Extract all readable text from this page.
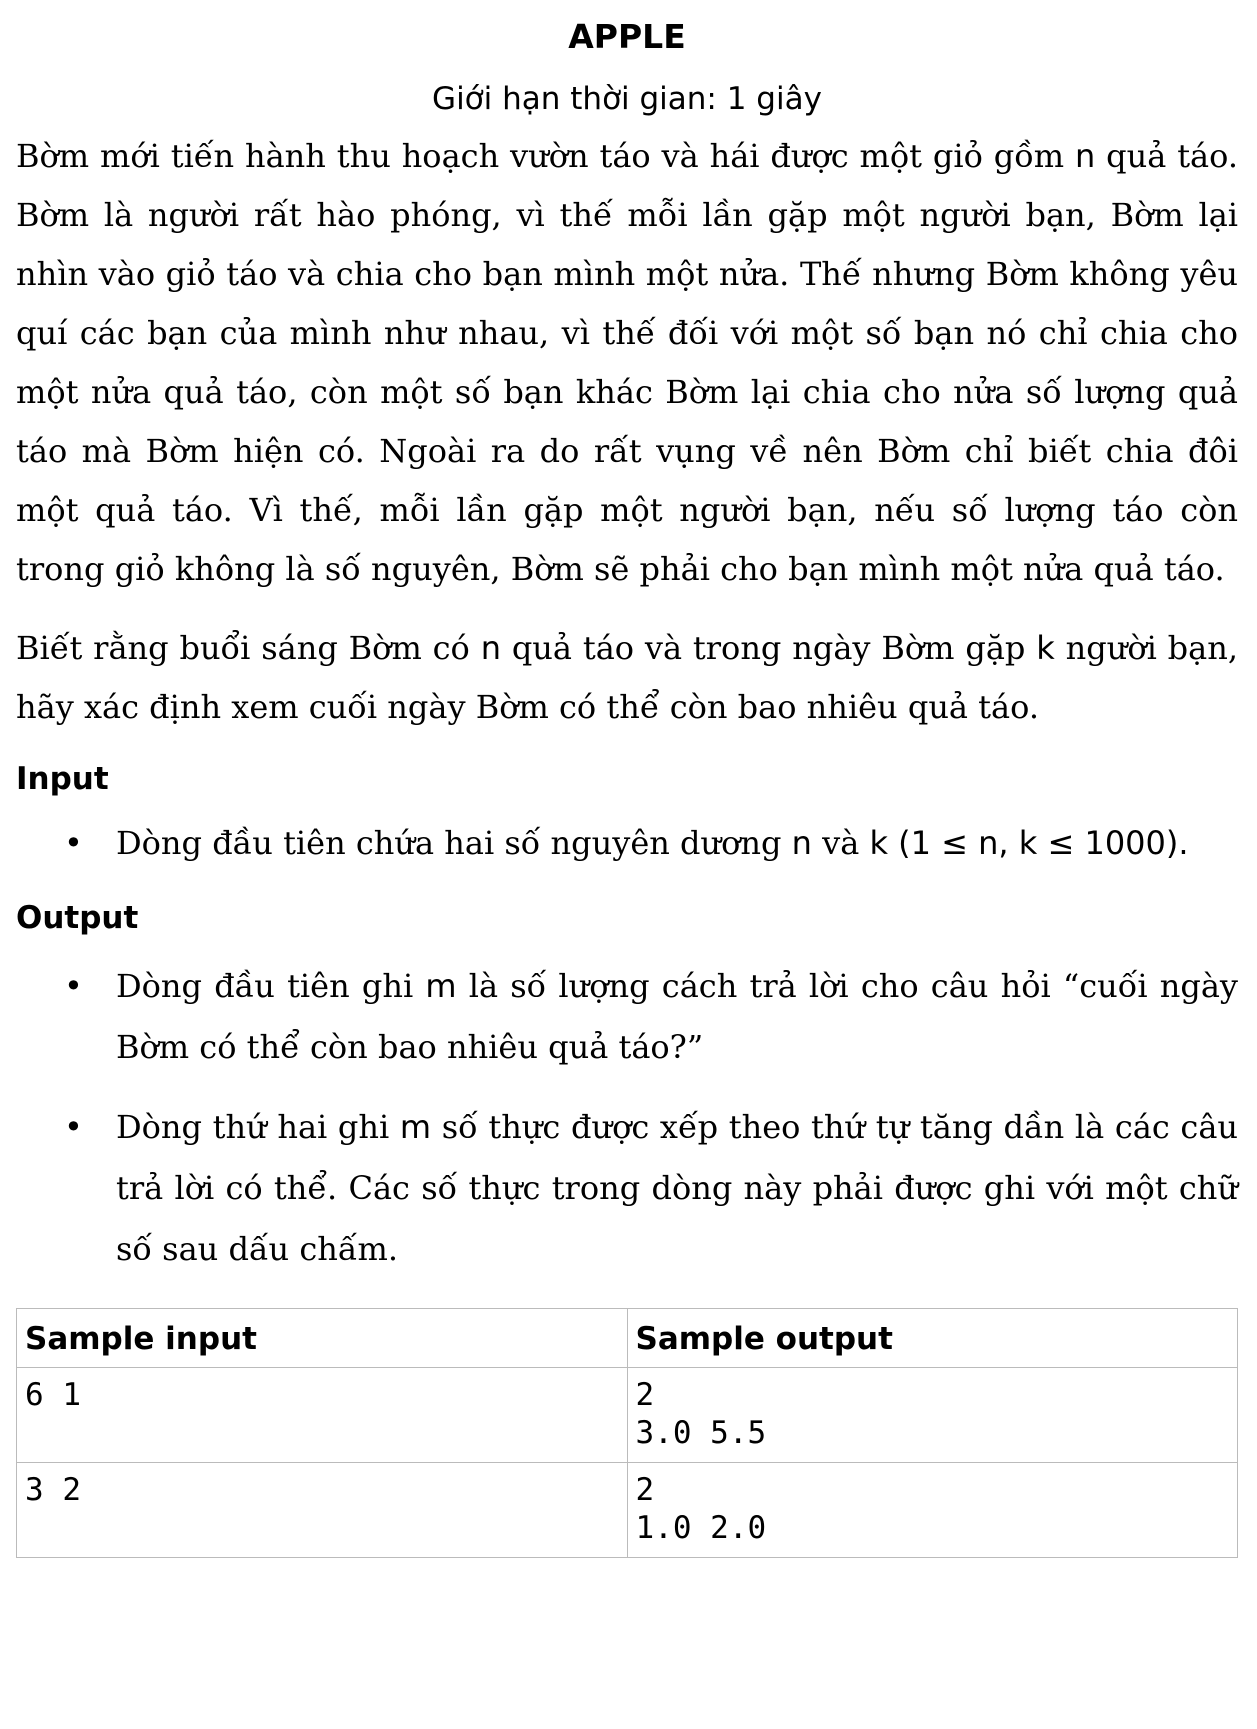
APPLE

Giới hạn thời gian: 1 giây

Bờm mới tiến hành thu hoạch vườn táo và hái được một giỏ gồm n quả táo. Bờm là người rất hào phóng, vì thế mỗi lần gặp một người bạn, Bờm lại nhìn vào giỏ táo và chia cho bạn mình một nửa. Thế nhưng Bờm không yêu quí các bạn của mình như nhau, vì thế đối với một số bạn nó chỉ chia cho một nửa quả táo, còn một số bạn khác Bờm lại chia cho nửa số lượng quả táo mà Bờm hiện có. Ngoài ra do rất vụng về nên Bờm chỉ biết chia đôi một quả táo. Vì thế, mỗi lần gặp một người bạn, nếu số lượng táo còn trong giỏ không là số nguyên, Bờm sẽ phải cho bạn mình một nửa quả táo.

Biết rằng buổi sáng Bờm có n quả táo và trong ngày Bờm gặp k người bạn, hãy xác định xem cuối ngày Bờm có thể còn bao nhiêu quả táo.

Input
• Dòng đầu tiên chứa hai số nguyên dương n và k (1 ≤ n, k ≤ 1000).
Output
• Dòng đầu tiên ghi m là số lượng cách trả lời cho câu hỏi “cuối ngày Bờm có thể còn bao nhiêu quả táo?”
• Dòng thứ hai ghi m số thực được xếp theo thứ tự tăng dần là các câu trả lời có thể. Các số thực trong dòng này phải được ghi với một chữ số sau dấu chấm.
Sample input	Sample output

6 1	2
3.0 5.5

3 2	2
1.0 2.0
